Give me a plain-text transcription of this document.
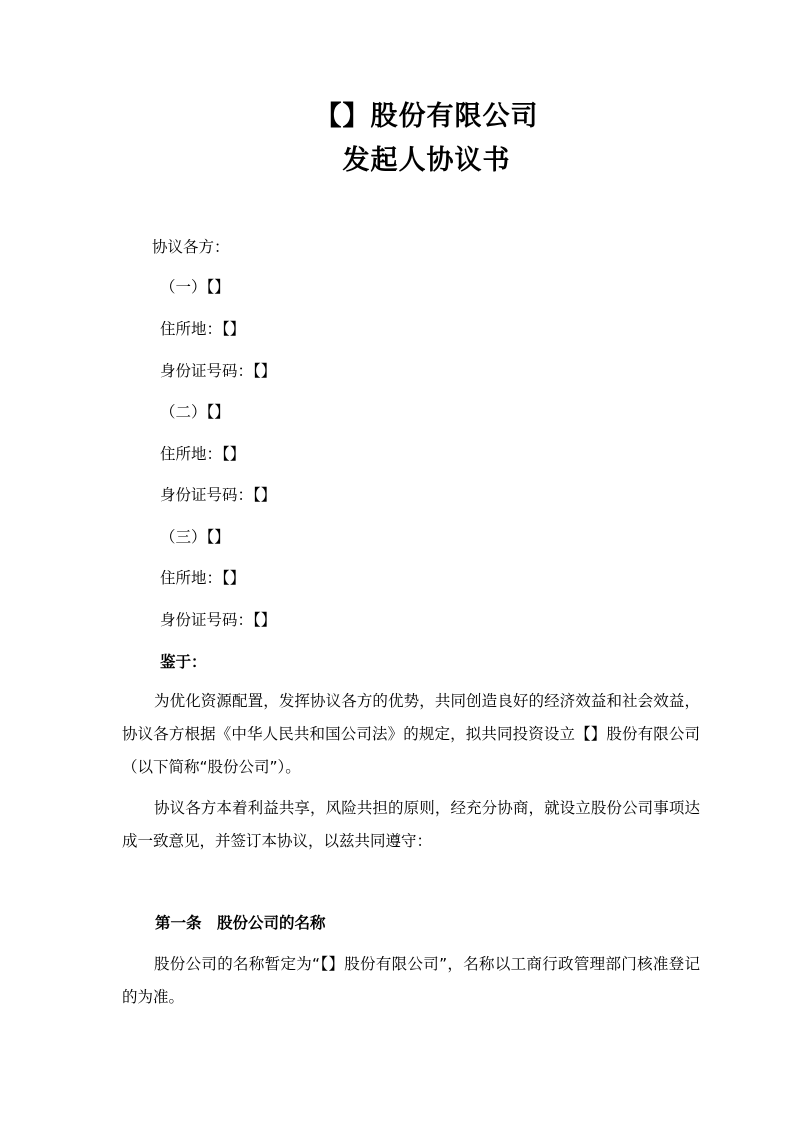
【】股份有限公司
发起人协议书
协议各方：
（一）【】
住所地：【】
身份证号码：【】
（二）【】
住所地：【】
身份证号码：【】
（三）【】
住所地：【】
身份证号码：【】
鉴于：
为优化资源配置，发挥协议各方的优势，共同创造良好的经济效益和社会效益，协议各方根据《中华人民共和国公司法》的规定，拟共同投资设立【】股份有限公司（以下简称“股份公司”）。
协议各方本着利益共享，风险共担的原则，经充分协商，就设立股份公司事项达成一致意见，并签订本协议，以兹共同遵守：
第一条　股份公司的名称
股份公司的名称暂定为“【】股份有限公司”，名称以工商行政管理部门核准登记的为准。
